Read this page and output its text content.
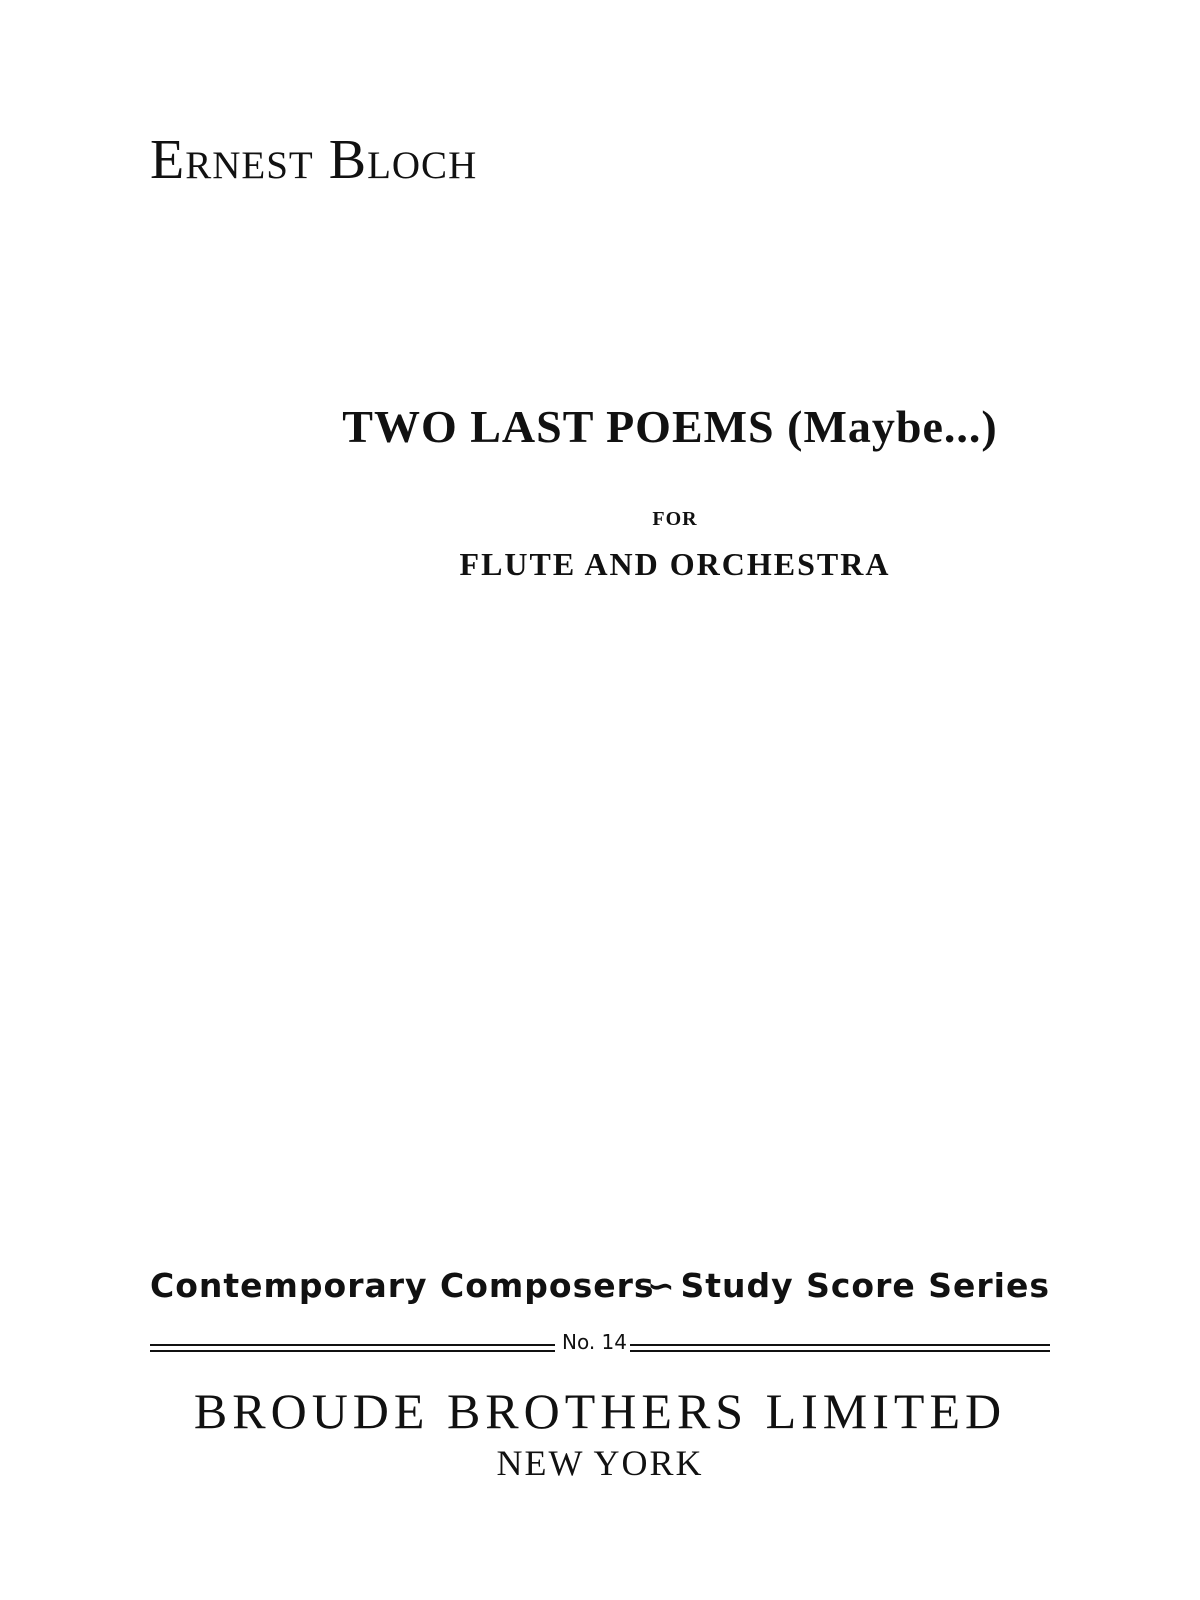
Ernest Bloch
TWO LAST POEMS (Maybe...)
FOR
FLUTE AND ORCHESTRA
Contemporary Composers
∽ Study Score Series
No. 14
BROUDE BROTHERS LIMITED
NEW YORK
